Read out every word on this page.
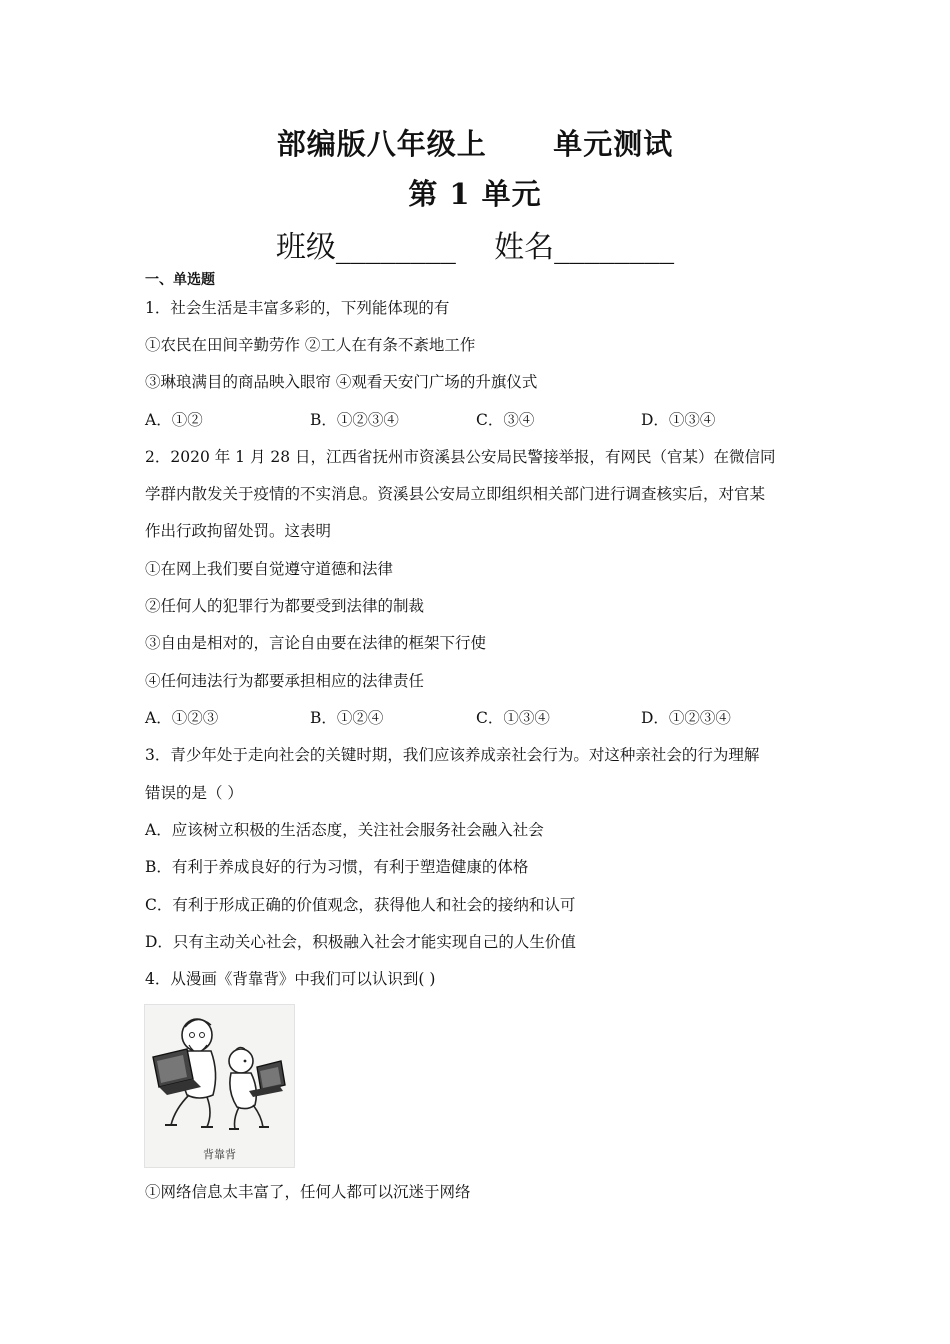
部编版八年级上      单元测试
第 1 单元
班级________    姓名________
一、单选题
1．社会生活是丰富多彩的，下列能体现的有
①农民在田间辛勤劳作 ②工人在有条不紊地工作
③琳琅满目的商品映入眼帘 ④观看天安门广场的升旗仪式
A．①②	B．①②③④	C．③④	D．①③④
2．2020 年 1 月 28 日，江西省抚州市资溪县公安局民警接举报，有网民（官某）在微信同
学群内散发关于疫情的不实消息。资溪县公安局立即组织相关部门进行调查核实后，对官某
作出行政拘留处罚。这表明
①在网上我们要自觉遵守道德和法律
②任何人的犯罪行为都要受到法律的制裁
③自由是相对的，言论自由要在法律的框架下行使
④任何违法行为都要承担相应的法律责任
A．①②③	B．①②④	C．①③④	D．①②③④
3．青少年处于走向社会的关键时期，我们应该养成亲社会行为。对这种亲社会的行为理解
错误的是（ ）
A．应该树立积极的生活态度，关注社会服务社会融入社会
B．有利于养成良好的行为习惯，有利于塑造健康的体格
C．有利于形成正确的价值观念，获得他人和社会的接纳和认可
D．只有主动关心社会，积极融入社会才能实现自己的人生价值
4．从漫画《背靠背》中我们可以认识到( )
背靠背
①网络信息太丰富了，任何人都可以沉迷于网络
